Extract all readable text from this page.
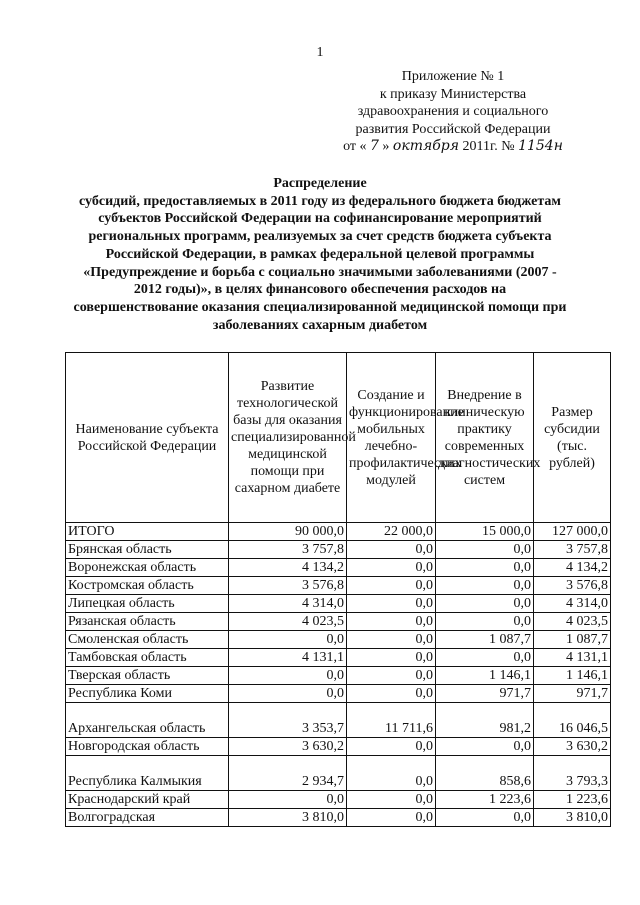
1
Приложение № 1
к приказу Министерства
здравоохранения и социального
развития Российской Федерации
от « 7 » октября 2011г. № 1154н
Распределение
субсидий, предоставляемых в 2011 году из федерального бюджета бюджетам субъектов Российской Федерации на софинансирование мероприятий региональных программ, реализуемых за счет средств бюджета субъекта Российской Федерации, в рамках федеральной целевой программы «Предупреждение и борьба с социально значимыми заболеваниями (2007 - 2012 годы)», в целях финансового обеспечения расходов на совершенствование оказания специализированной медицинской помощи при заболеваниях сахарным диабетом
Наименование субъекта Российской Федерации	Развитие технологической базы для оказания специализированной медицинской помощи при сахарном диабете	Создание и функционирование мобильных лечебно-профилактических модулей	Внедрение в клиническую практику современных диагностических систем	Размер субсидии (тыс. рублей)
ИТОГО	90 000,0	22 000,0	15 000,0	127 000,0
Брянская область	3 757,8	0,0	0,0	3 757,8
Воронежская область	4 134,2	0,0	0,0	4 134,2
Костромская область	3 576,8	0,0	0,0	3 576,8
Липецкая область	4 314,0	0,0	0,0	4 314,0
Рязанская область	4 023,5	0,0	0,0	4 023,5
Смоленская область	0,0	0,0	1 087,7	1 087,7
Тамбовская область	4 131,1	0,0	0,0	4 131,1
Тверская область	0,0	0,0	1 146,1	1 146,1
Республика Коми	0,0	0,0	971,7	971,7
Архангельская область	3 353,7	11 711,6	981,2	16 046,5
Новгородская область	3 630,2	0,0	0,0	3 630,2
Республика Калмыкия	2 934,7	0,0	858,6	3 793,3
Краснодарский край	0,0	0,0	1 223,6	1 223,6
Волгоградская	3 810,0	0,0	0,0	3 810,0
